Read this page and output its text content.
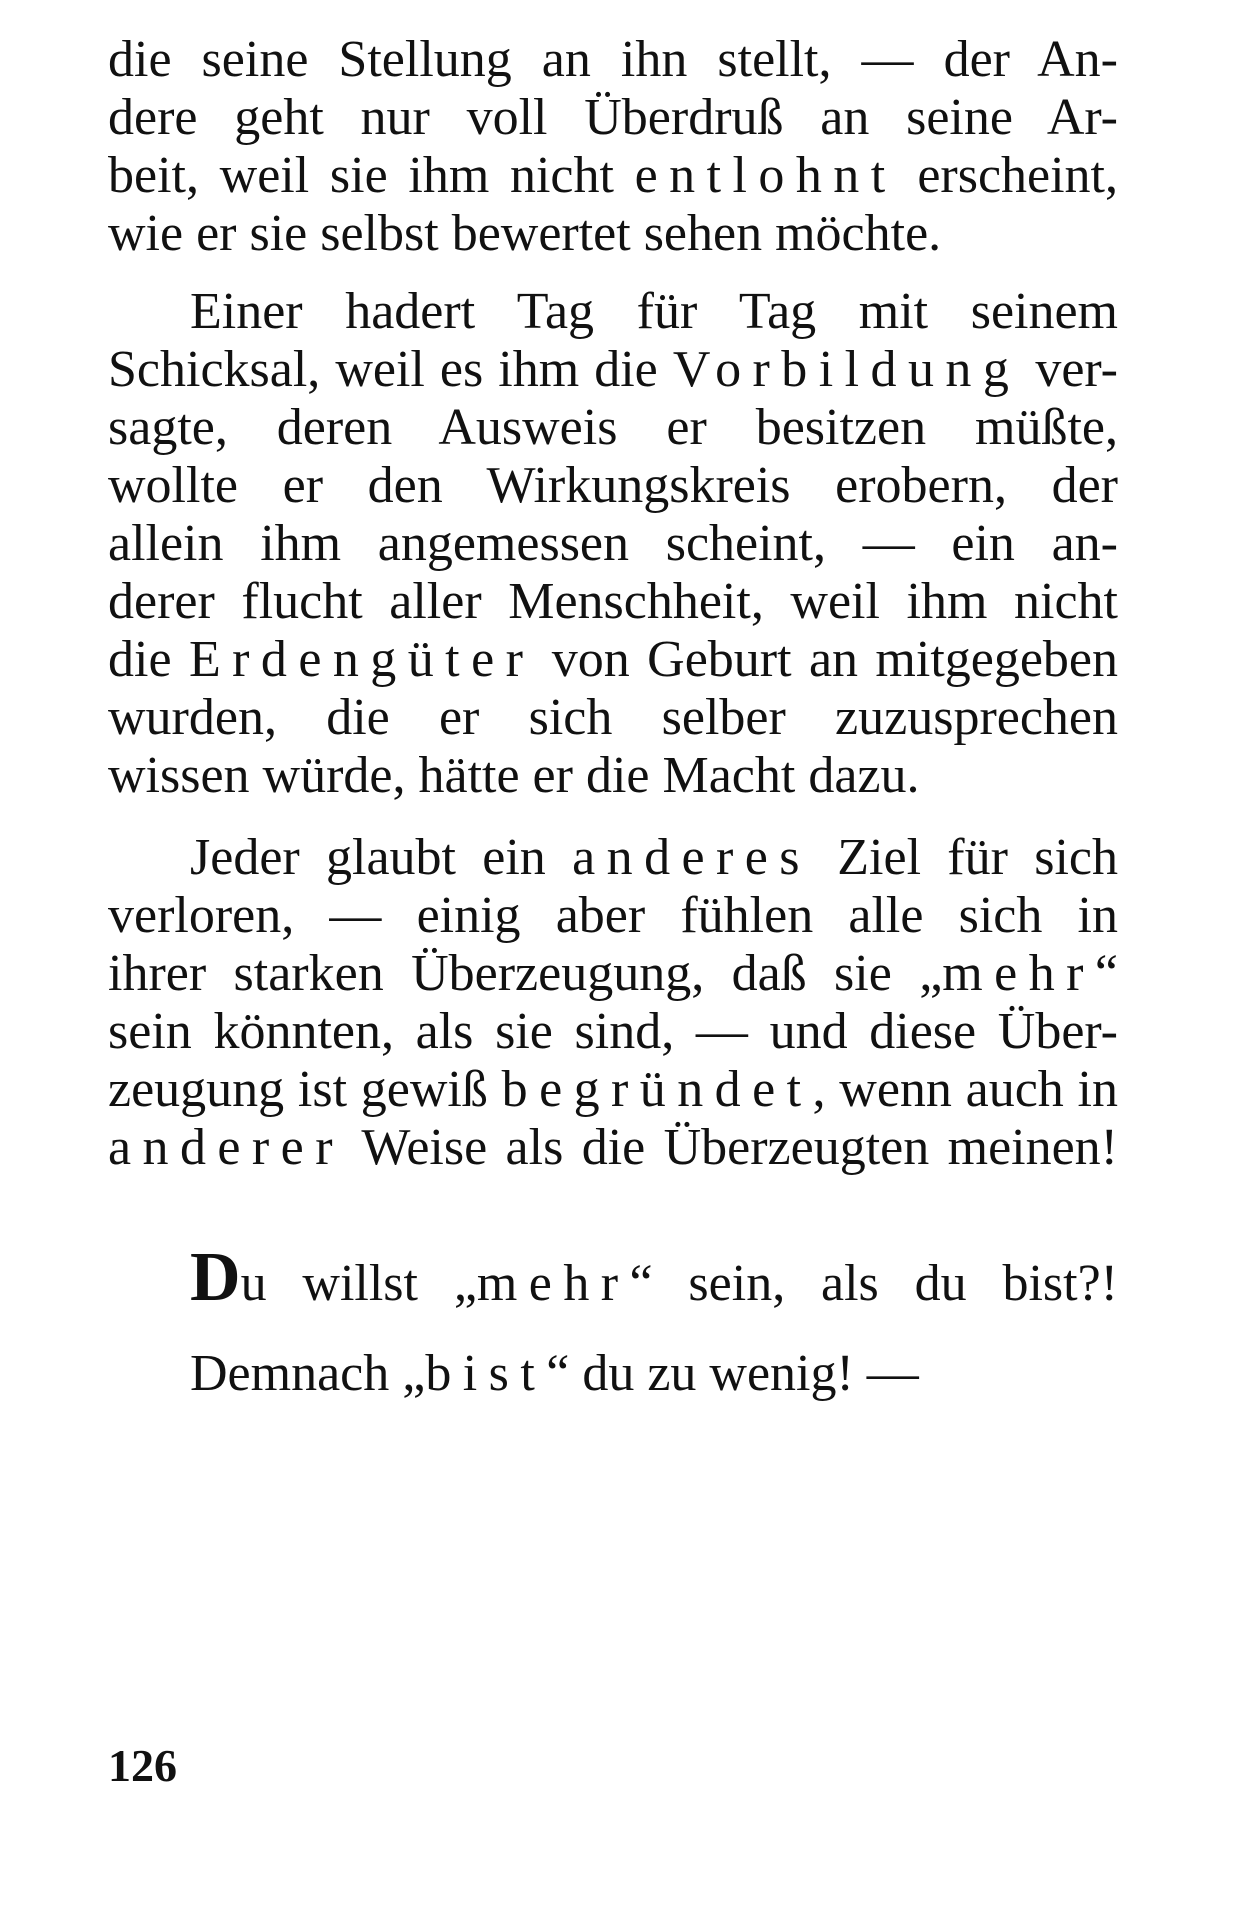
die seine Stellung an ihn stellt, — der An-

dere geht nur voll Überdruß an seine Ar-

beit, weil sie ihm nicht entlohnt erscheint,

wie er sie selbst bewertet sehen möchte.

Einer hadert Tag für Tag mit seinem

Schicksal, weil es ihm die Vorbildung ver-

sagte, deren Ausweis er besitzen müßte,

wollte er den Wirkungskreis erobern, der

allein ihm angemessen scheint, — ein an-

derer flucht aller Menschheit, weil ihm nicht

die Erdengüter von Geburt an mitgegeben

wurden, die er sich selber zuzusprechen

wissen würde, hätte er die Macht dazu.

Jeder glaubt ein anderes Ziel für sich

verloren, — einig aber fühlen alle sich in

ihrer starken Überzeugung, daß sie „mehr“

sein könnten, als sie sind, — und diese Über-

zeugung ist gewiß begründet, wenn auch in

anderer Weise als die Überzeugten meinen!

Du willst „mehr“ sein, als du bist?!

Demnach „bist“ du zu wenig! —

126
